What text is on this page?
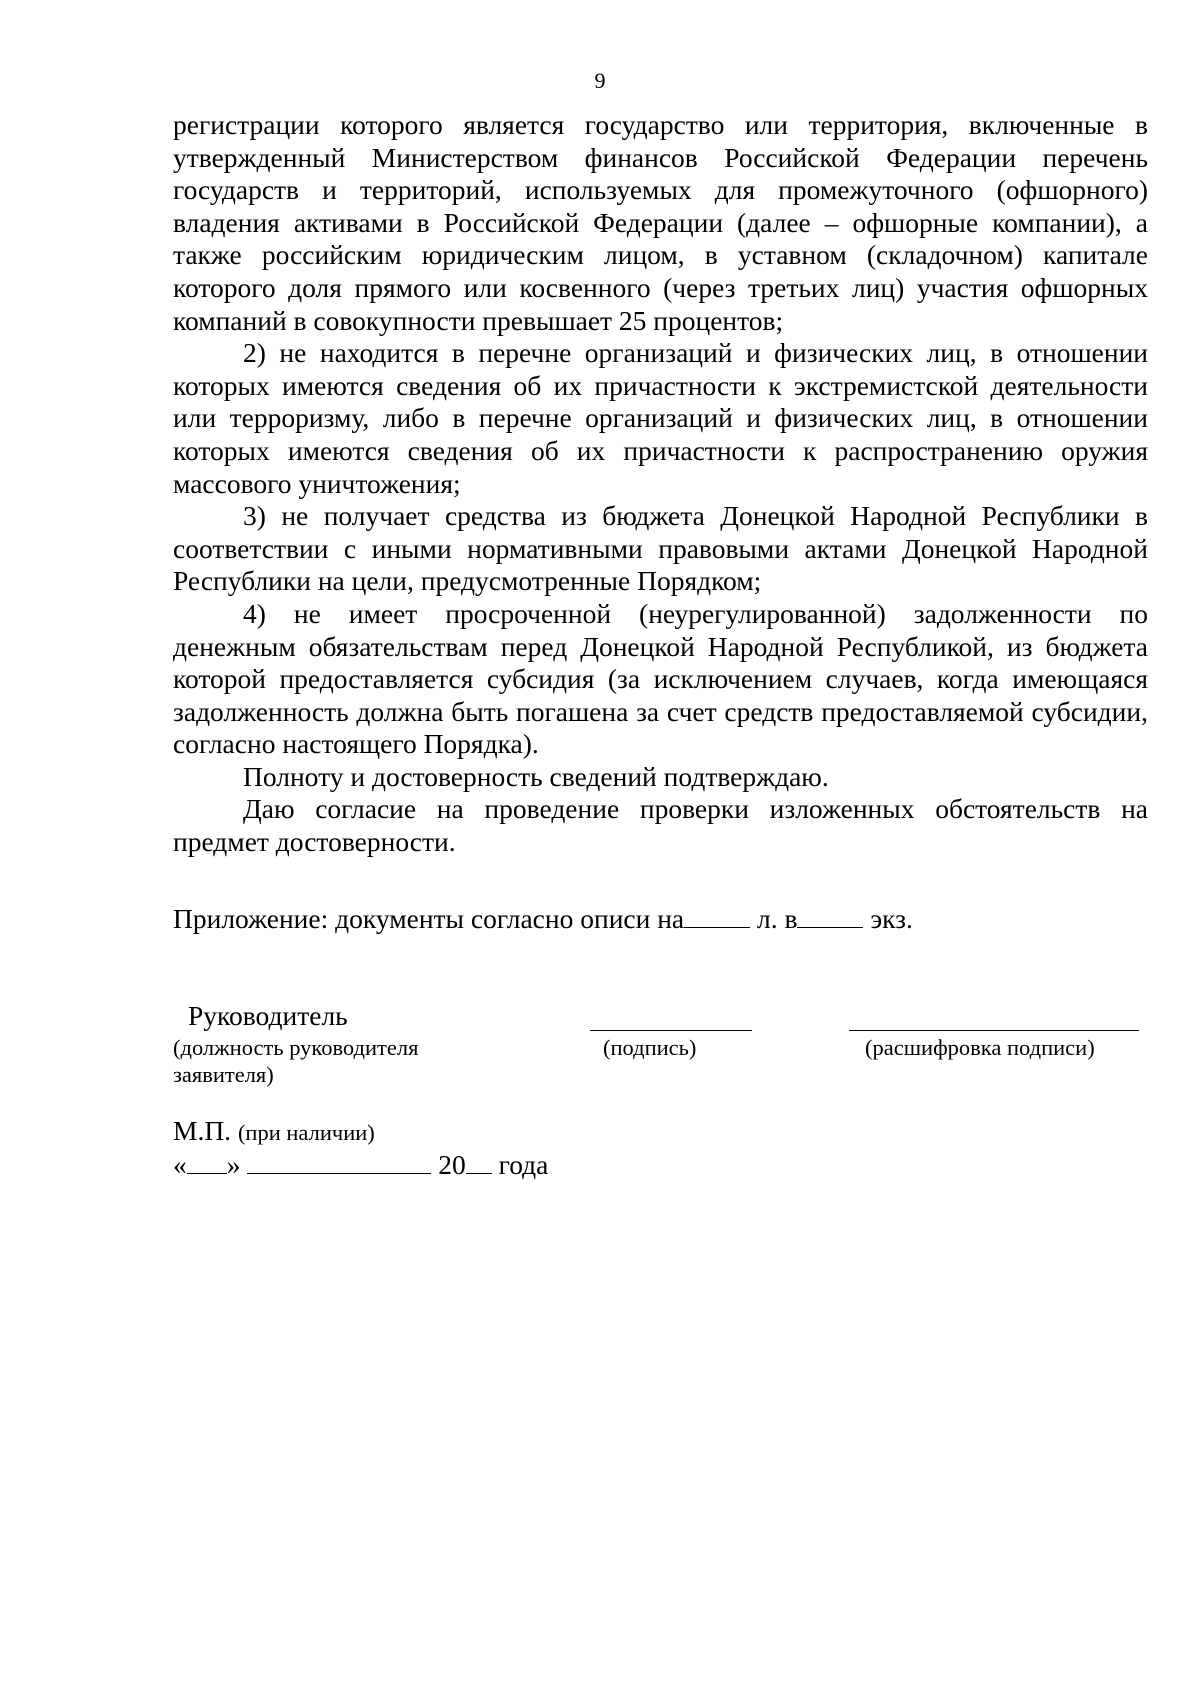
9

регистрации которого является государство или территория, включенные в утвержденный Министерством финансов Российской Федерации перечень государств и территорий, используемых для промежуточного (офшорного) владения активами в Российской Федерации (далее – офшорные компании), а также российским юридическим лицом, в уставном (складочном) капитале которого доля прямого или косвенного (через третьих лиц) участия офшорных компаний в совокупности превышает 25 процентов;

2) не находится в перечне организаций и физических лиц, в отношении которых имеются сведения об их причастности к экстремистской деятельности или терроризму, либо в перечне организаций и физических лиц, в отношении которых имеются сведения об их причастности к распространению оружия массового уничтожения;

3) не получает средства из бюджета Донецкой Народной Республики в соответствии с иными нормативными правовыми актами Донецкой Народной Республики на цели, предусмотренные Порядком;

4) не имеет просроченной (неурегулированной) задолженности по денежным обязательствам перед Донецкой Народной Республикой, из бюджета которой предоставляется субсидия (за исключением случаев, когда имеющаяся задолженность должна быть погашена за счет средств предоставляемой субсидии, согласно настоящего Порядка).

Полноту и достоверность сведений подтверждаю.

Даю согласие на проведение проверки изложенных обстоятельств на предмет достоверности.

Приложение: документы согласно описи на	л. в	экз.
Руководитель
(должность руководителя заявителя)
(подпись)	(расшифровка подписи)
М.П. (при наличии)
« »	20 года
